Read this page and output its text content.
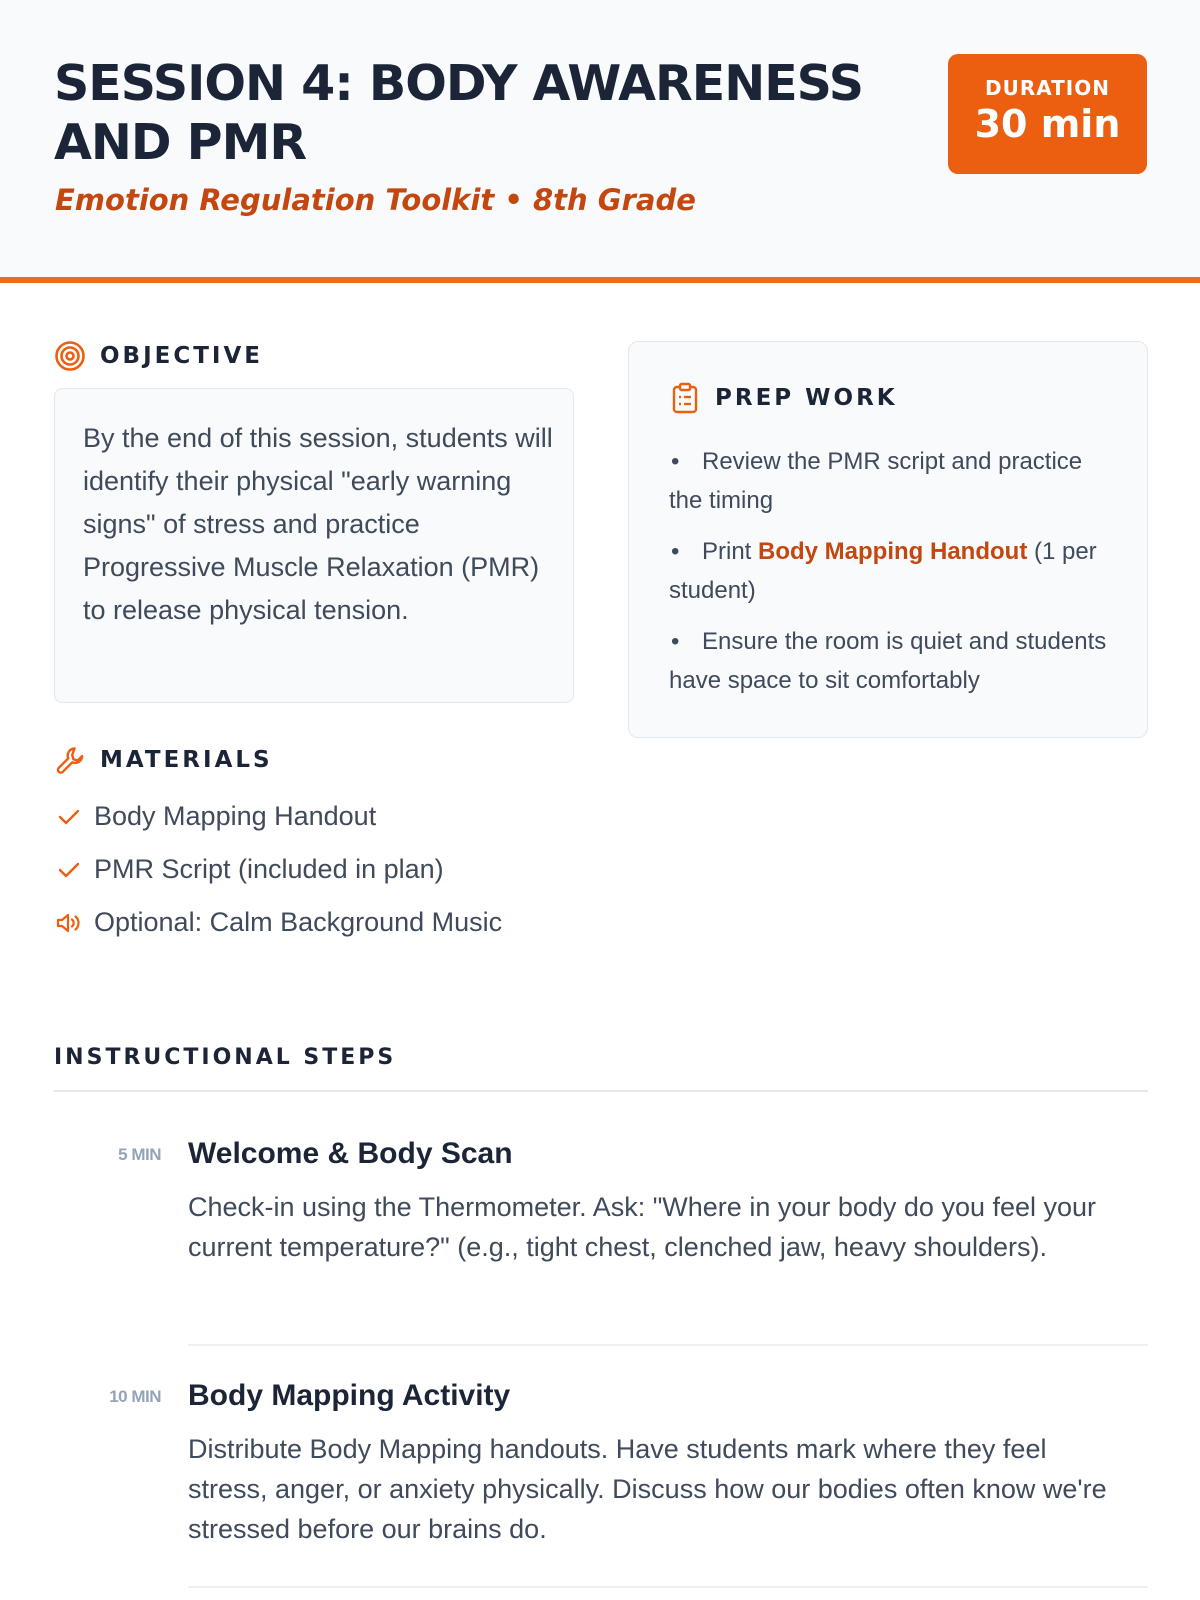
SESSION 4: BODY AWARENESS AND PMR
Emotion Regulation Toolkit • 8th Grade
DURATION
30 min
OBJECTIVE

By the end of this session, students will identify their physical "early warning signs" of stress and practice Progressive Muscle Relaxation (PMR) to release physical tension.

PREP WORK
• Review the PMR script and practice the timing
• Print Body Mapping Handout (1 per student)
• Ensure the room is quiet and students have space to sit comfortably
MATERIALS
Body Mapping Handout
PMR Script (included in plan)
Optional: Calm Background Music
INSTRUCTIONAL STEPS
5 MIN Welcome & Body Scan
Check-in using the Thermometer. Ask: "Where in your body do you feel your current temperature?" (e.g., tight chest, clenched jaw, heavy shoulders).
10 MIN Body Mapping Activity
Distribute Body Mapping handouts. Have students mark where they feel stress, anger, or anxiety physically. Discuss how our bodies often know we're stressed before our brains do.
